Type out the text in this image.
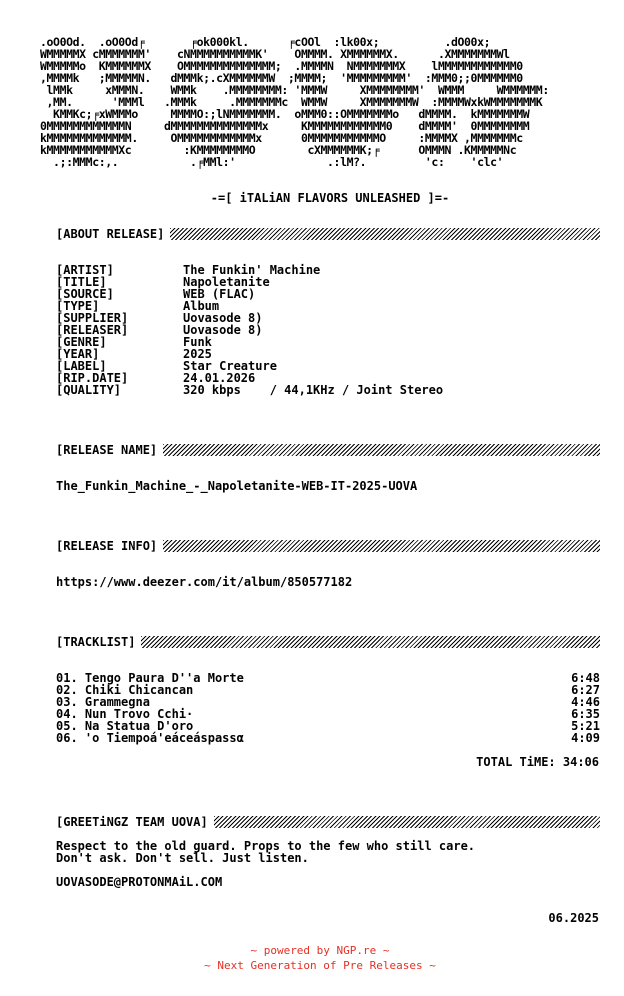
.oO0Od.  .oO0Od╒       ╒ok000kl.      ╒cOOl  :lk00x;          .dO00x;
WMMMMMX cMMMMMMM'    cNMMMMMMMMMMK'    OMMMM. XMMMMMMX.      .XMMMMMMMWl
WMMMMMo  KMMMMMMX    OMMMMMMMMMMMMMM;  .MMMMN  NMMMMMMMX    lMMMMMMMMMMMM0
,MMMMk   ;MMMMMN.   dMMMk;.cXMMMMMMW  ;MMMM;  'MMMMMMMMM'  :MMM0;;0MMMMMM0
lMMk     xMMMN.    WMMk    .MMMMMMMM: 'MMMW     XMMMMMMMM'  WMMM     WMMMMMM:
,MM.      'MMMl   .MMMk     .MMMMMMMc  WMMW     XMMMMMMMW  :MMMMWxkWMMMMMMMK
KMMKc;╒xWMMMo     MMMMO:;lNMMMMMMM.  oMMM0::OMMMMMMMo   dMMMM.  kMMMMMMMW
0MMMMMMMMMMMMN     dMMMMMMMMMMMMMMx     KMMMMMMMMMMMM0    dMMMM'  0MMMMMMMM
kMMMMMMMMMMMMM.     OMMMMMMMMMMMMx      0MMMMMMMMMMMO     :MMMMX ,MMMMMMMc
kMMMMMMMMMMMXc        :KMMMMMMMMO        cXMMMMMMK;╒      OMMMN .KMMMMMNc
.;:MMMc:,.           .╒MMl:'              .:lM?.         'c:    'clc'
-=[ iTALiAN FLAVORS UNLEASHED ]=-
[ABOUT RELEASE]
[ARTIST]	The Funkin' Machine
[TITLE]	Napoletanite
[SOURCE]	WEB (FLAC)
[TYPE]	Album
[SUPPLIER]	Uovasode 8)
[RELEASER]	Uovasode 8)
[GENRE]	Funk
[YEAR]	2025
[LABEL]	Star Creature
[RIP.DATE]	24.01.2026
[QUALITY]	320 kbps    / 44,1KHz / Joint Stereo
[RELEASE NAME]
The_Funkin_Machine_-_Napoletanite-WEB-IT-2025-UOVA
[RELEASE INFO]
https://www.deezer.com/it/album/850577182
[TRACKLIST]
01. Tengo Paura D''a Morte	6:48
02. Chiki Chicancan	6:27
03. Grammegna	4:46
04. Nun Trovo Cchi·	6:35
05. Na Statua D'oro	5:21
06. 'o Tiempoá'eáceáspassα	4:09
TOTAL TiME: 34:06
[GREETiNGZ TEAM UOVA]
Respect to the old guard. Props to the few who still care.
Don't ask. Don't sell. Just listen.
UOVASODE@PROTONMAiL.COM
06.2025
~ powered by NGP.re ~
~ Next Generation of Pre Releases ~
